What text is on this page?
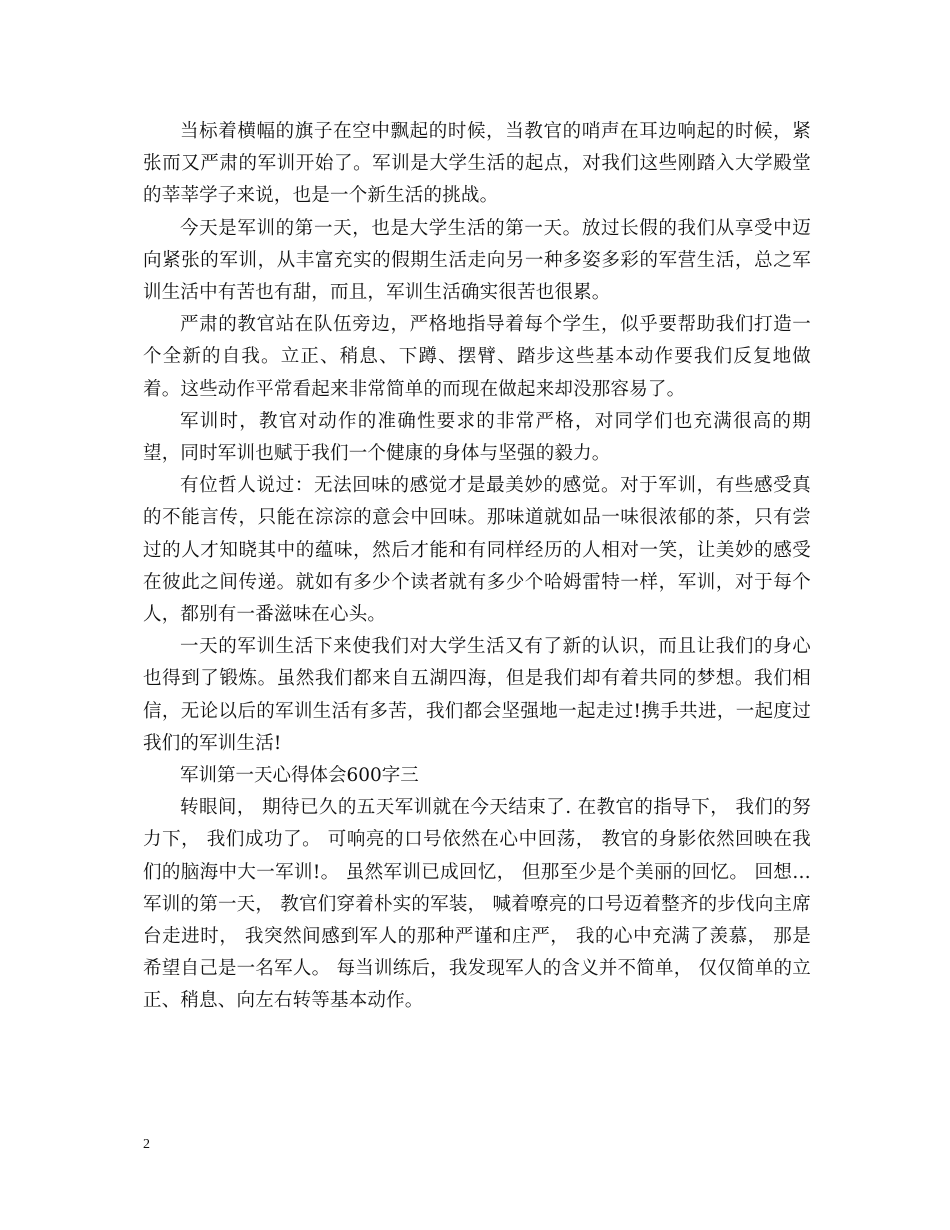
当标着横幅的旗子在空中飘起的时候，当教官的哨声在耳边响起的时候，紧张而又严肃的军训开始了。军训是大学生活的起点，对我们这些刚踏入大学殿堂的莘莘学子来说，也是一个新生活的挑战。

今天是军训的第一天，也是大学生活的第一天。放过长假的我们从享受中迈向紧张的军训，从丰富充实的假期生活走向另一种多姿多彩的军营生活，总之军训生活中有苦也有甜，而且，军训生活确实很苦也很累。

严肃的教官站在队伍旁边，严格地指导着每个学生，似乎要帮助我们打造一个全新的自我。立正、稍息、下蹲、摆臂、踏步这些基本动作要我们反复地做着。这些动作平常看起来非常简单的而现在做起来却没那容易了。

军训时，教官对动作的准确性要求的非常严格，对同学们也充满很高的期望，同时军训也赋于我们一个健康的身体与坚强的毅力。

有位哲人说过：无法回味的感觉才是最美妙的感觉。对于军训，有些感受真的不能言传，只能在淙淙的意会中回味。那味道就如品一味很浓郁的茶，只有尝过的人才知晓其中的蕴味，然后才能和有同样经历的人相对一笑，让美妙的感受在彼此之间传递。就如有多少个读者就有多少个哈姆雷特一样，军训，对于每个人，都别有一番滋味在心头。

一天的军训生活下来使我们对大学生活又有了新的认识，而且让我们的身心也得到了锻炼。虽然我们都来自五湖四海，但是我们却有着共同的梦想。我们相信，无论以后的军训生活有多苦，我们都会坚强地一起走过!携手共进，一起度过我们的军训生活!

军训第一天心得体会600字三

转眼间， 期待已久的五天军训就在今天结束了. 在教官的指导下， 我们的努力下， 我们成功了。 可响亮的口号依然在心中回荡， 教官的身影依然回映在我们的脑海中大一军训!。 虽然军训已成回忆， 但那至少是个美丽的回忆。 回想…军训的第一天， 教官们穿着朴实的军装， 喊着嘹亮的口号迈着整齐的步伐向主席台走进时， 我突然间感到军人的那种严谨和庄严， 我的心中充满了羡慕， 那是希望自己是一名军人。 每当训练后，我发现军人的含义并不简单， 仅仅简单的立正、稍息、向左右转等基本动作。

2
